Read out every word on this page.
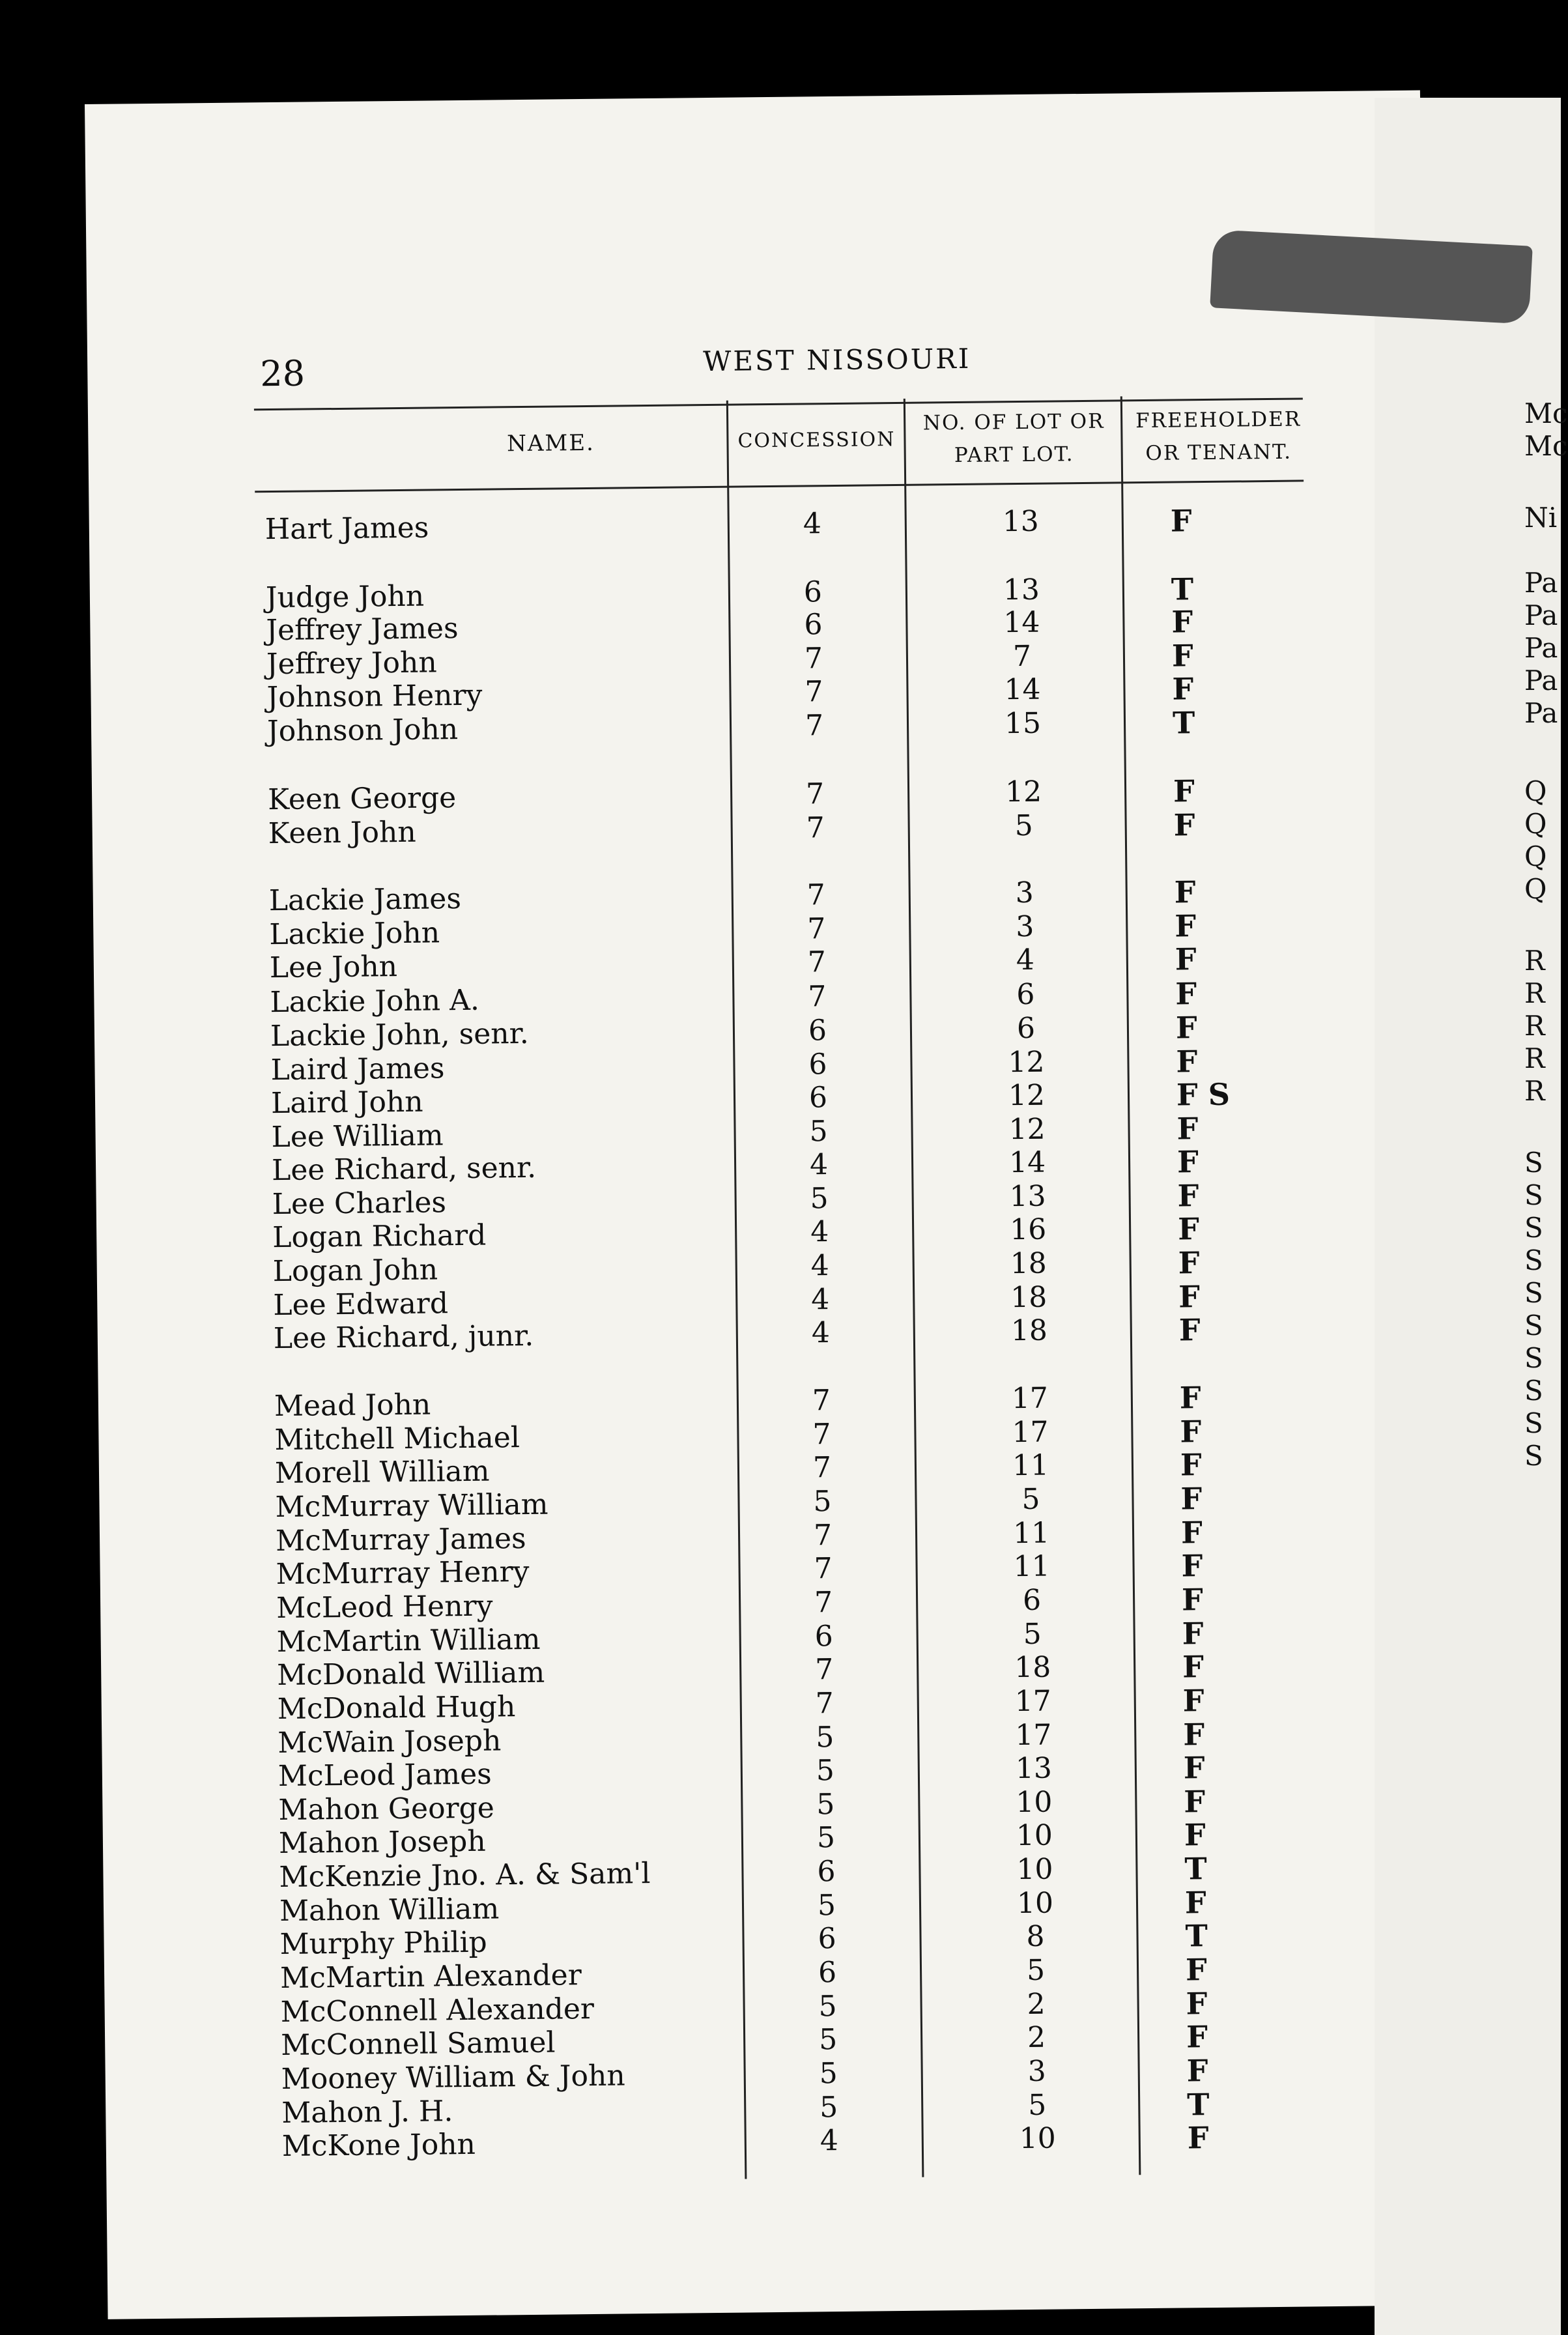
28	WEST NISSOURI
NAME.	CONCESSION
NO. OF LOT OR
PART LOT.
FREEHOLDER
OR TENANT.
Hart James	4	13	F
Judge John	6	13	T
Jeffrey James	6	14	F
Jeffrey John	7	7	F
Johnson Henry	7	14	F
Johnson John	7	15	T
Keen George	7	12	F
Keen John	7	5	F
Lackie James	7	3	F
Lackie John	7	3	F
Lee John	7	4	F
Lackie John A.	7	6	F
Lackie John, senr.	6	6	F
Laird James	6	12	F
Laird John	6	12	F S
Lee William	5	12	F
Lee Richard, senr.	4	14	F
Lee Charles	5	13	F
Logan Richard	4	16	F
Logan John	4	18	F
Lee Edward	4	18	F
Lee Richard, junr.	4	18	F
Mead John	7	17	F
Mitchell Michael	7	17	F
Morell William	7	11	F
McMurray William	5	5	F
McMurray James	7	11	F
McMurray Henry	7	11	F
McLeod Henry	7	6	F
McMartin William	6	5	F
McDonald William	7	18	F
McDonald Hugh	7	17	F
McWain Joseph	5	17	F
McLeod James	5	13	F
Mahon George	5	10	F
Mahon Joseph	5	10	F
McKenzie Jno. A. & Sam'l	6	10	T
Mahon William	5	10	F
Murphy Philip	6	8	T
McMartin Alexander	6	5	F
McConnell Alexander	5	2	F
McConnell Samuel	5	2	F
Mooney William & John	5	3	F
Mahon J. H.	5	5	T
McKone John	4	10	F
Mc
Mc
Ni
Pa
Pa
Pa
Pa
Pa
Q
Q
Q
Q
R
R
R
R
R
S
S
S
S
S
S
S
S
S
S
